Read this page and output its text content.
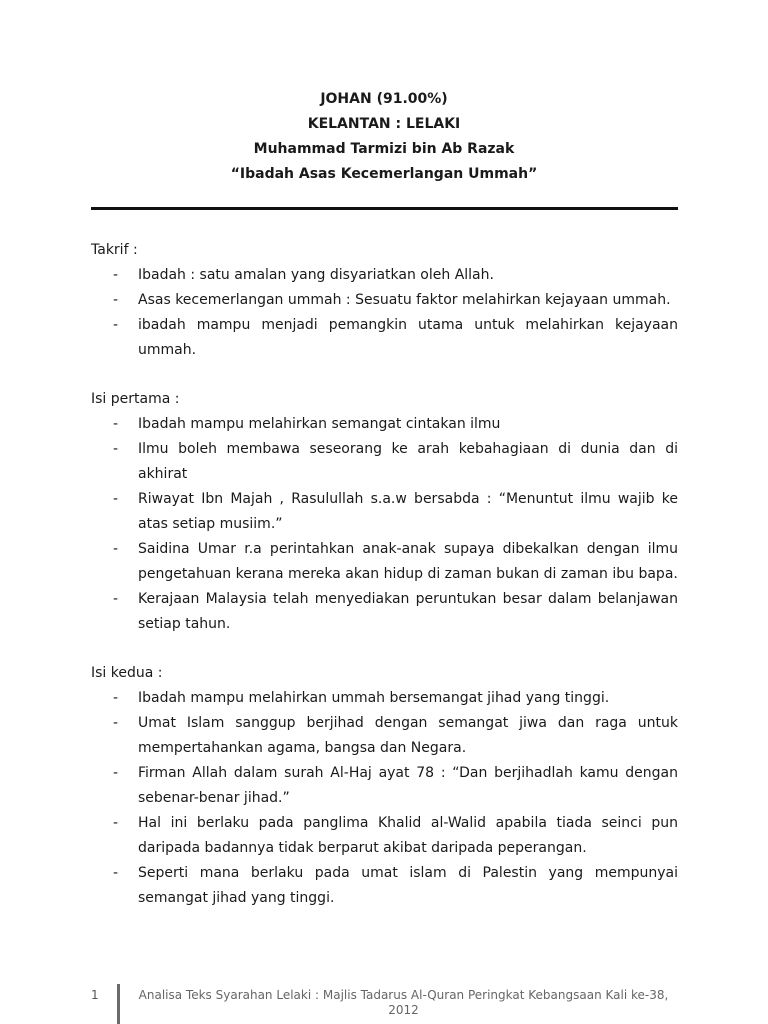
JOHAN (91.00%)
KELANTAN : LELAKI
Muhammad Tarmizi bin Ab Razak
“Ibadah Asas Kecemerlangan Ummah”
Takrif :
- Ibadah : satu amalan yang disyariatkan oleh Allah.
- Asas kecemerlangan ummah : Sesuatu faktor melahirkan kejayaan ummah.
- ibadah mampu menjadi pemangkin utama untuk melahirkan kejayaan ummah.
Isi pertama :
- Ibadah mampu melahirkan semangat cintakan ilmu
- Ilmu boleh membawa seseorang ke arah kebahagiaan di dunia dan di akhirat
- Riwayat Ibn Majah , Rasulullah s.a.w bersabda : “Menuntut ilmu wajib ke atas setiap musiim.”
- Saidina Umar r.a perintahkan anak-anak supaya dibekalkan dengan ilmu pengetahuan kerana mereka akan hidup di zaman bukan di zaman ibu bapa.
- Kerajaan Malaysia telah menyediakan peruntukan besar dalam belanjawan setiap tahun.
Isi kedua :
- Ibadah mampu melahirkan ummah bersemangat jihad yang tinggi.
- Umat Islam sanggup berjihad dengan semangat jiwa dan raga untuk mempertahankan agama, bangsa dan Negara.
- Firman Allah dalam surah Al-Haj ayat 78 : “Dan berjihadlah kamu dengan sebenar-benar jihad.”
- Hal ini berlaku pada panglima Khalid al-Walid apabila tiada seinci pun daripada badannya tidak berparut akibat daripada peperangan.
- Seperti mana berlaku pada umat islam di Palestin yang mempunyai semangat jihad yang tinggi.
1	Analisa Teks Syarahan Lelaki : Majlis Tadarus Al-Quran Peringkat Kebangsaan Kali ke-38, 2012
